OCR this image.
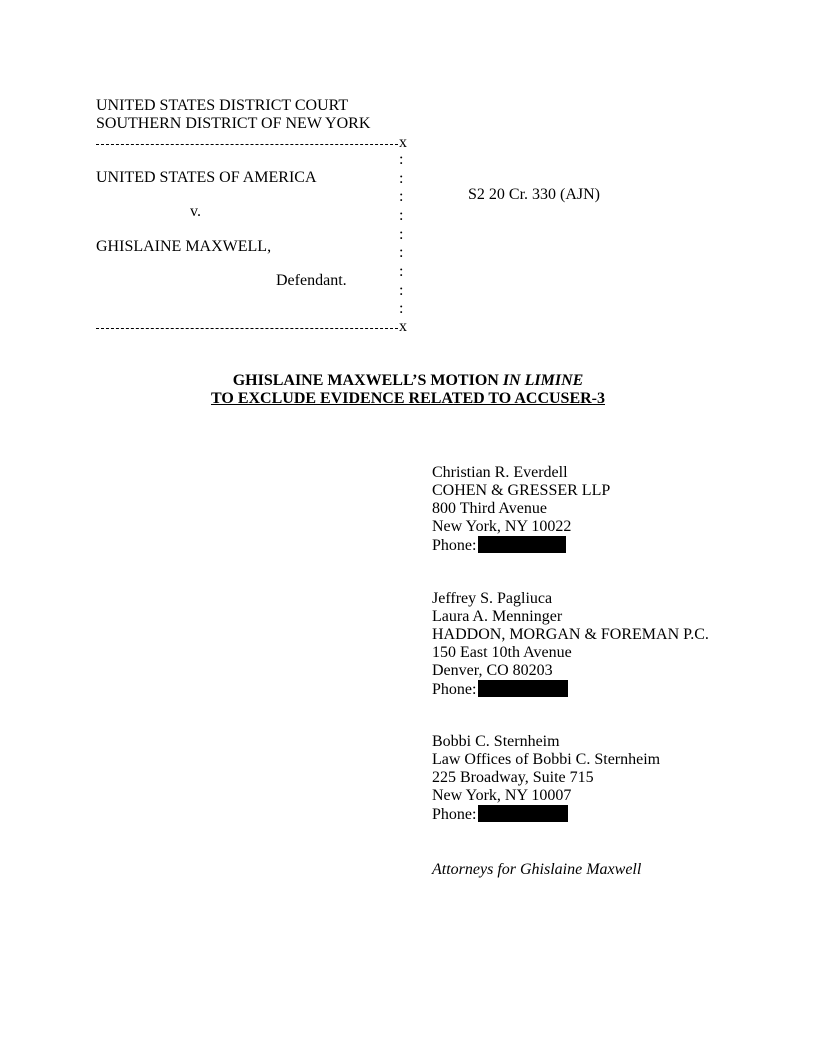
UNITED STATES DISTRICT COURT
SOUTHERN DISTRICT OF NEW YORK
x
:
:
:
:
:
:
:
:
:
UNITED STATES OF AMERICA
v.
GHISLAINE MAXWELL,
Defendant.
S2 20 Cr. 330 (AJN)
x
GHISLAINE MAXWELL’S MOTION IN LIMINE
TO EXCLUDE EVIDENCE RELATED TO ACCUSER-3
Christian R. Everdell
COHEN & GRESSER LLP
800 Third Avenue
New York, NY 10022
Phone:
Jeffrey S. Pagliuca
Laura A. Menninger
HADDON, MORGAN & FOREMAN P.C.
150 East 10th Avenue
Denver, CO 80203
Phone:
Bobbi C. Sternheim
Law Offices of Bobbi C. Sternheim
225 Broadway, Suite 715
New York, NY 10007
Phone:
Attorneys for Ghislaine Maxwell
